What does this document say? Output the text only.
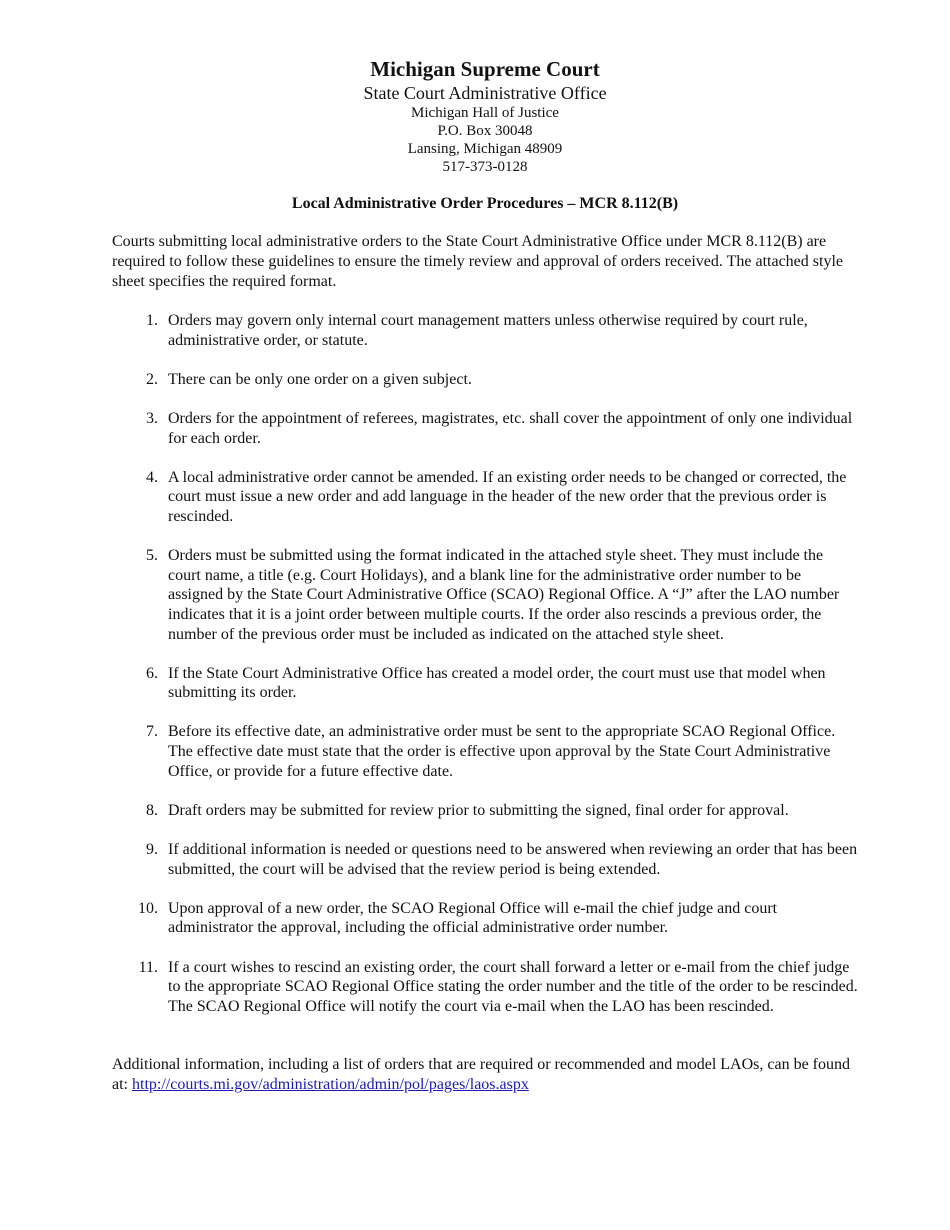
Michigan Supreme Court
State Court Administrative Office
Michigan Hall of Justice
P.O. Box 30048
Lansing, Michigan 48909
517-373-0128
Local Administrative Order Procedures – MCR 8.112(B)
Courts submitting local administrative orders to the State Court Administrative Office under MCR 8.112(B) are required to follow these guidelines to ensure the timely review and approval of orders received. The attached style sheet specifies the required format.
1. Orders may govern only internal court management matters unless otherwise required by court rule, administrative order, or statute.
2. There can be only one order on a given subject.
3. Orders for the appointment of referees, magistrates, etc. shall cover the appointment of only one individual for each order.
4. A local administrative order cannot be amended. If an existing order needs to be changed or corrected, the court must issue a new order and add language in the header of the new order that the previous order is rescinded.
5. Orders must be submitted using the format indicated in the attached style sheet. They must include the court name, a title (e.g. Court Holidays), and a blank line for the administrative order number to be assigned by the State Court Administrative Office (SCAO) Regional Office. A “J” after the LAO number indicates that it is a joint order between multiple courts. If the order also rescinds a previous order, the number of the previous order must be included as indicated on the attached style sheet.
6. If the State Court Administrative Office has created a model order, the court must use that model when submitting its order.
7. Before its effective date, an administrative order must be sent to the appropriate SCAO Regional Office. The effective date must state that the order is effective upon approval by the State Court Administrative Office, or provide for a future effective date.
8. Draft orders may be submitted for review prior to submitting the signed, final order for approval.
9. If additional information is needed or questions need to be answered when reviewing an order that has been submitted, the court will be advised that the review period is being extended.
10. Upon approval of a new order, the SCAO Regional Office will e-mail the chief judge and court administrator the approval, including the official administrative order number.
11. If a court wishes to rescind an existing order, the court shall forward a letter or e-mail from the chief judge to the appropriate SCAO Regional Office stating the order number and the title of the order to be rescinded. The SCAO Regional Office will notify the court via e-mail when the LAO has been rescinded.
Additional information, including a list of orders that are required or recommended and model LAOs, can be found at: http://courts.mi.gov/administration/admin/pol/pages/laos.aspx
